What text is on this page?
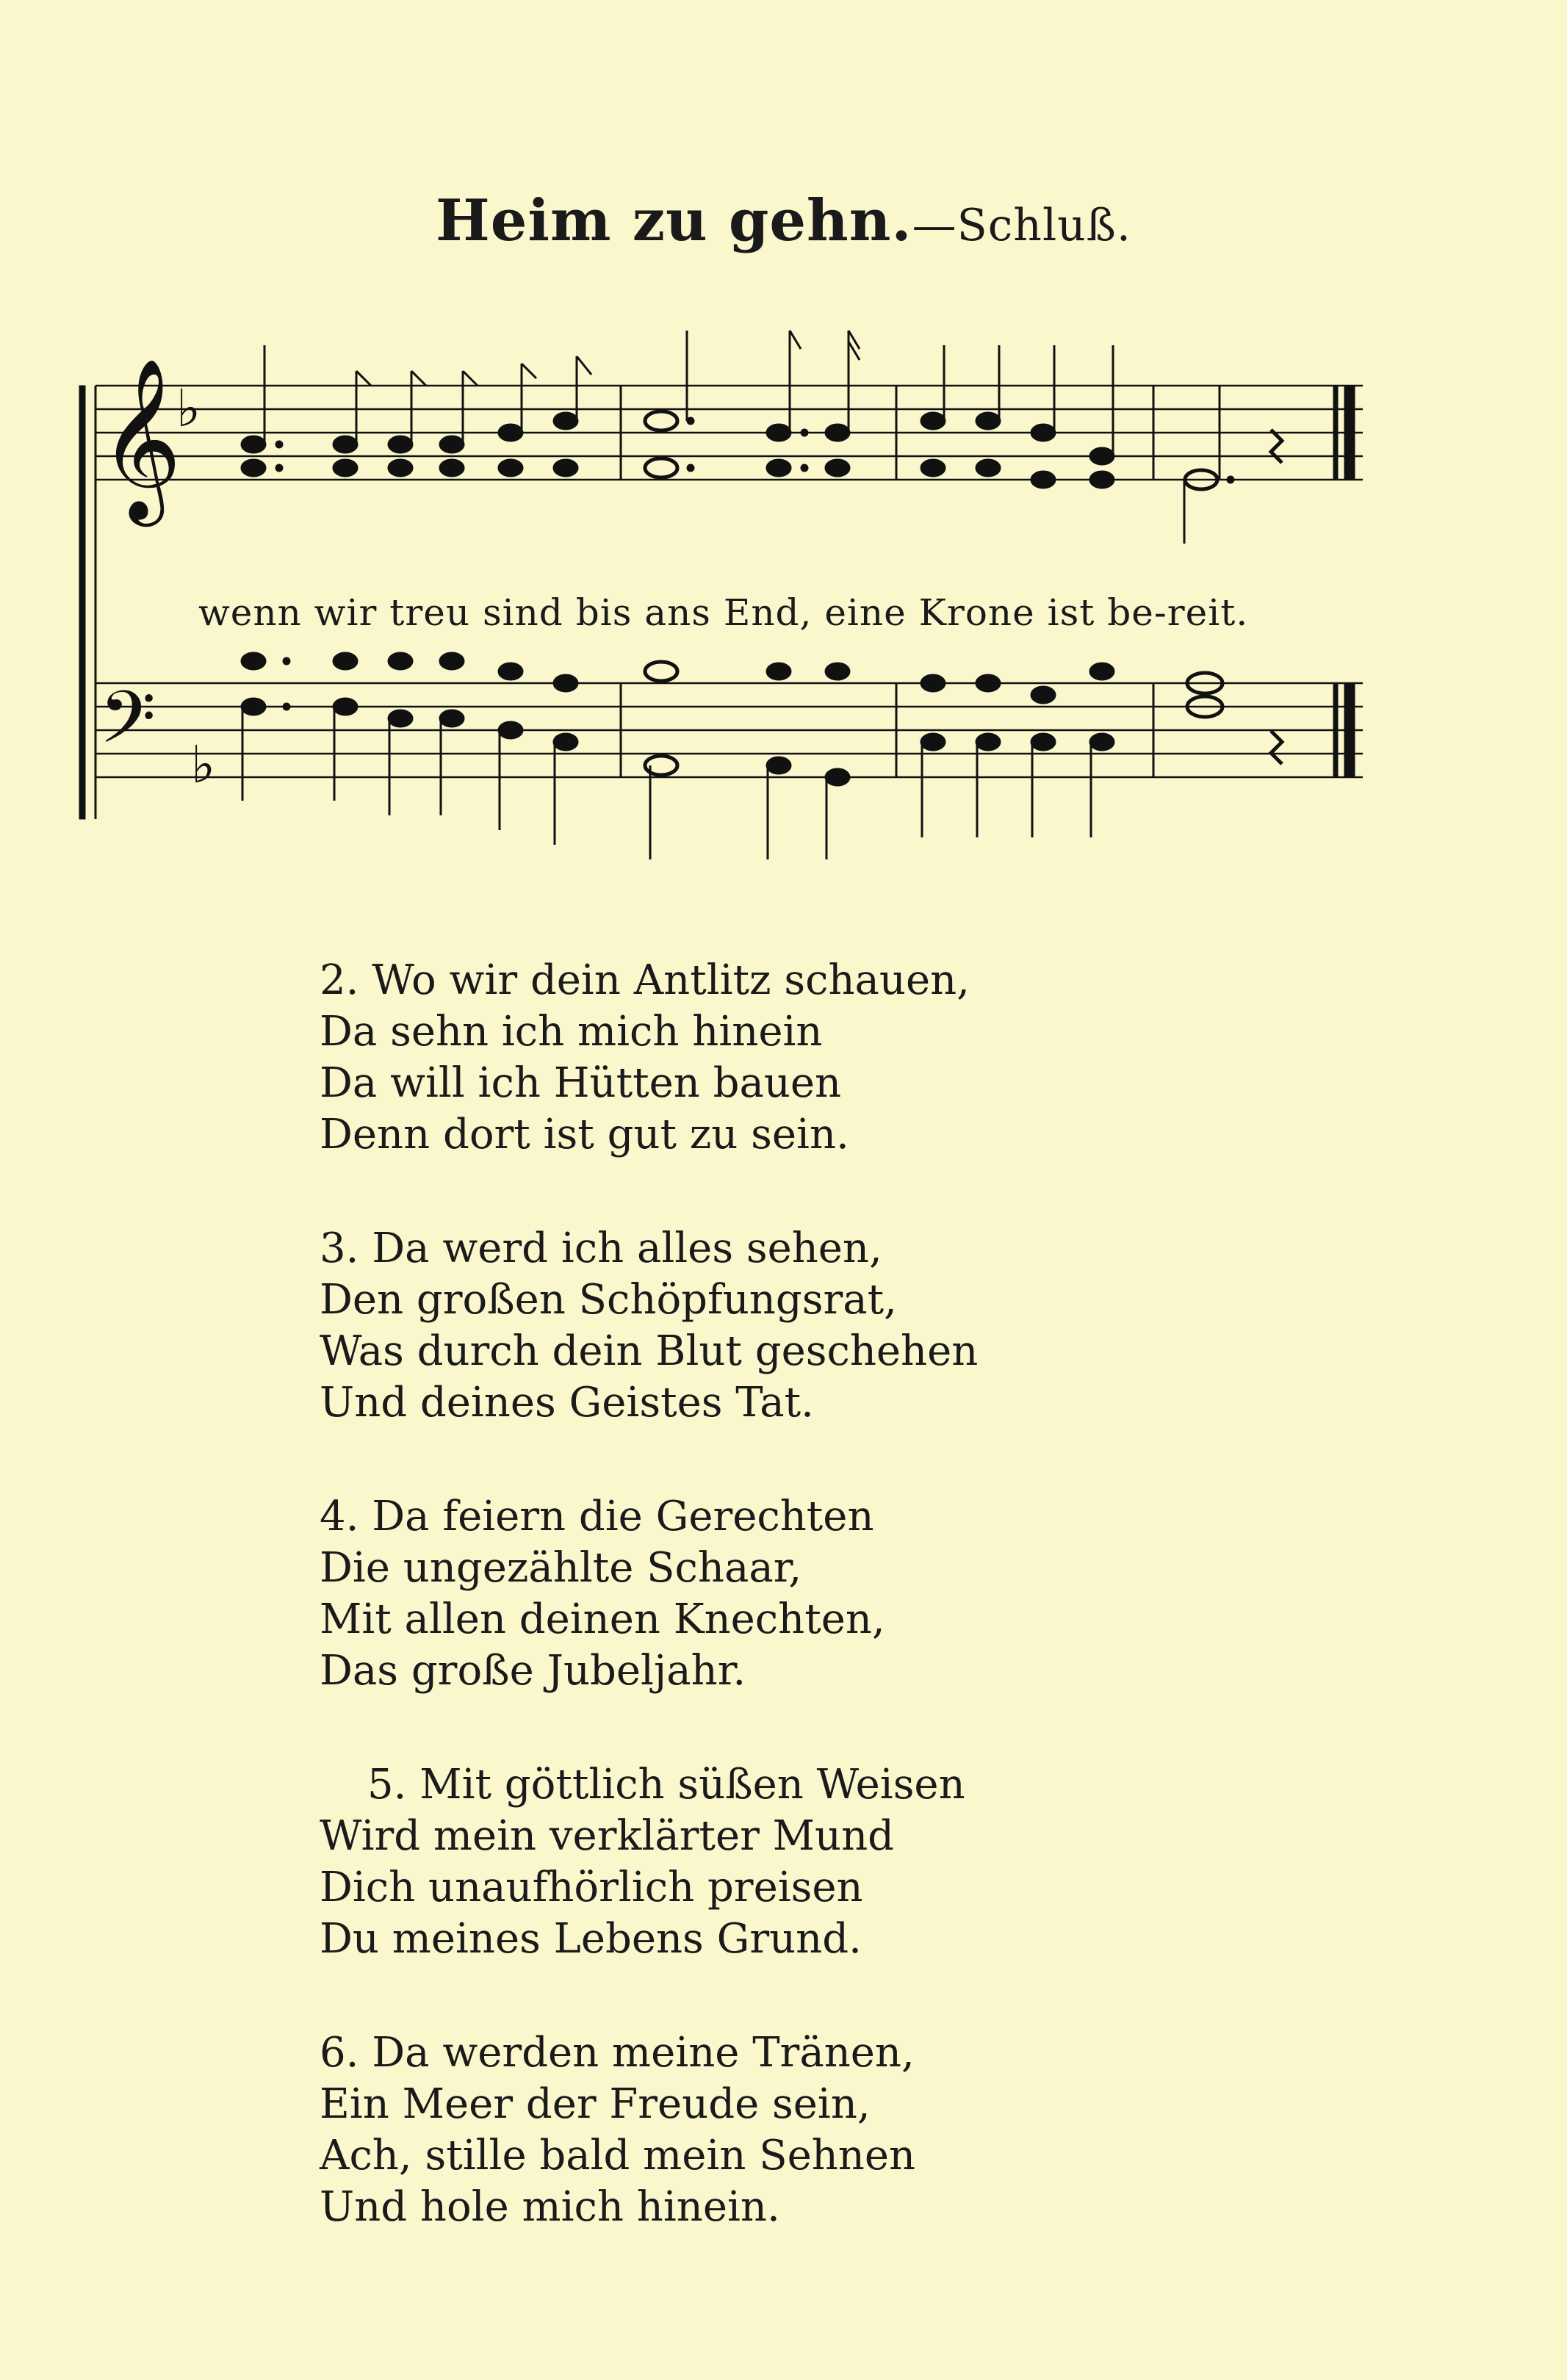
Heim zu gehn.—Schluß.
𝄞
♭
𝄢 ♭
wenn wir treu sind bis ans End, eine Krone ist be-reit.
2. Wo wir dein Antlitz schauen,
Da sehn ich mich hinein
Da will ich Hütten bauen
Denn dort ist gut zu sein.
3. Da werd ich alles sehen,
Den großen Schöpfungsrat,
Was durch dein Blut geschehen
Und deines Geistes Tat.
4. Da feiern die Gerechten
Die ungezählte Schaar,
Mit allen deinen Knechten,
Das große Jubeljahr.
5. Mit göttlich süßen Weisen
Wird mein verklärter Mund
Dich unaufhörlich preisen
Du meines Lebens Grund.
6. Da werden meine Tränen,
Ein Meer der Freude sein,
Ach, stille bald mein Sehnen
Und hole mich hinein.
